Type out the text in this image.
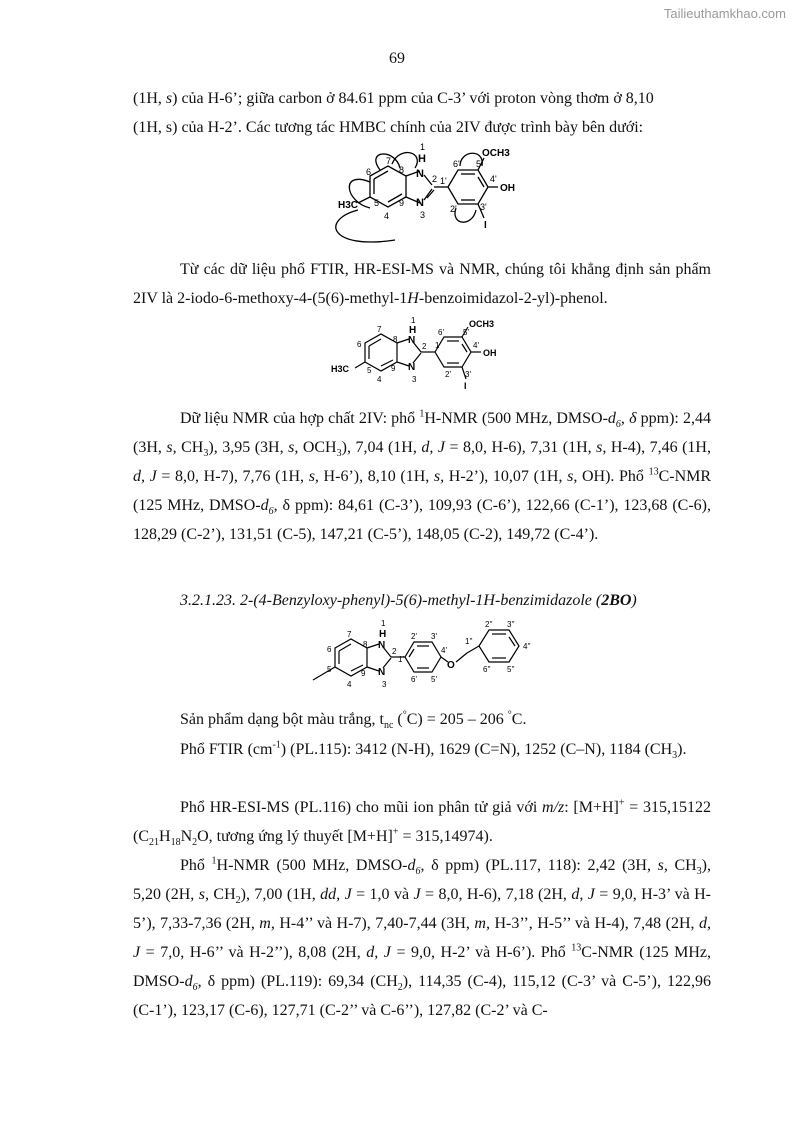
Tailieuthamkhao.com
69
(1H, s) của H-6’; giữa carbon ở 84.61 ppm của C-3’ với proton vòng thơm ở 8,10
(1H, s) của H-2’. Các tương tác HMBC chính của 2IV được trình bày bên dưới:
1
H
N
N
3
2
4
5
6
7
8
9
H3C
1'
2'	3'
4'
5'
6'
OCH3
OH
I
Từ các dữ liệu phổ FTIR, HR-ESI-MS và NMR, chúng tôi khẳng định sản phẩm 2IV là 2-iodo-6-methoxy-4-(5(6)-methyl-1H-benzoimidazol-2-yl)-phenol.
1
H
N
N
3
2
4
5
6
7
8
9
H3C
1'
2' 3'
4'
5'
6'
OCH3
OH
I
Dữ liệu NMR của hợp chất 2IV: phổ $^1$H-NMR (500 MHz, DMSO-$d_6$, δ ppm): 2,44 (3H, s, $CH_3$), 3,95 (3H, s, $OCH_3$), 7,04 (1H, d, J = 8,0, H-6), 7,31 (1H, s, H-4), 7,46 (1H, d, J = 8,0, H-7), 7,76 (1H, s, H-6’), 8,10 (1H, s, H-2’), 10,07 (1H, s, OH). Phổ $^{13}$C-NMR (125 MHz, DMSO-$d_6$, δ ppm): 84,61 (C-3’), 109,93 (C-6’), 122,66 (C-1’), 123,68 (C-6), 128,29 (C-2’), 131,51 (C-5), 147,21 (C-5’), 148,05 (C-2), 149,72 (C-4’).
3.2.1.23. 2-(4-Benzyloxy-phenyl)-5(6)-methyl-1H-benzimidazole (2BO)
1
H
N
N
3
2
4
5
6
7
8
9
1'
2' 3'
4'
5'
6'
O
1''
2'' 3''
4''
5''
6''
Sản phẩm dạng bột màu trắng, $t_{nc}$ (°C) = 205 – 206 °C.
Phổ FTIR $(cm^{-1})$ (PL.115): 3412 (N-H), 1629 (C=N), 1252 (C–N), 1184 $(CH_3)$.
Phổ HR-ESI-MS (PL.116) cho mũi ion phân tử giả với m/z: [M+H]+ = 315,15122 ($C_{21}H_{18}N_2O$, tương ứng lý thuyết [M+H]+ = 315,14974).
Phổ $^1$H-NMR (500 MHz, DMSO-$d_6$, δ ppm) (PL.117, 118): 2,42 (3H, s, $CH_3$), 5,20 (2H, s, $CH_2$), 7,00 (1H, dd, J = 1,0 và J = 8,0, H-6), 7,18 (2H, d, J = 9,0, H-3’ và H-5’), 7,33-7,36 (2H, m, H-4’’ và H-7), 7,40-7,44 (3H, m, H-3’’, H-5’’ và H-4), 7,48 (2H, d, J = 7,0, H-6’’ và H-2’’), 8,08 (2H, d, J = 9,0, H-2’ và H-6’). Phổ $^{13}$C-NMR (125 MHz, DMSO-$d_6$, δ ppm) (PL.119): 69,34 $(CH_2)$, 114,35 (C-4), 115,12 (C-3’ và C-5’), 122,96 (C-1’), 123,17 (C-6), 127,71 (C-2’’ và C-6’’), 127,82 (C-2’ và C-
